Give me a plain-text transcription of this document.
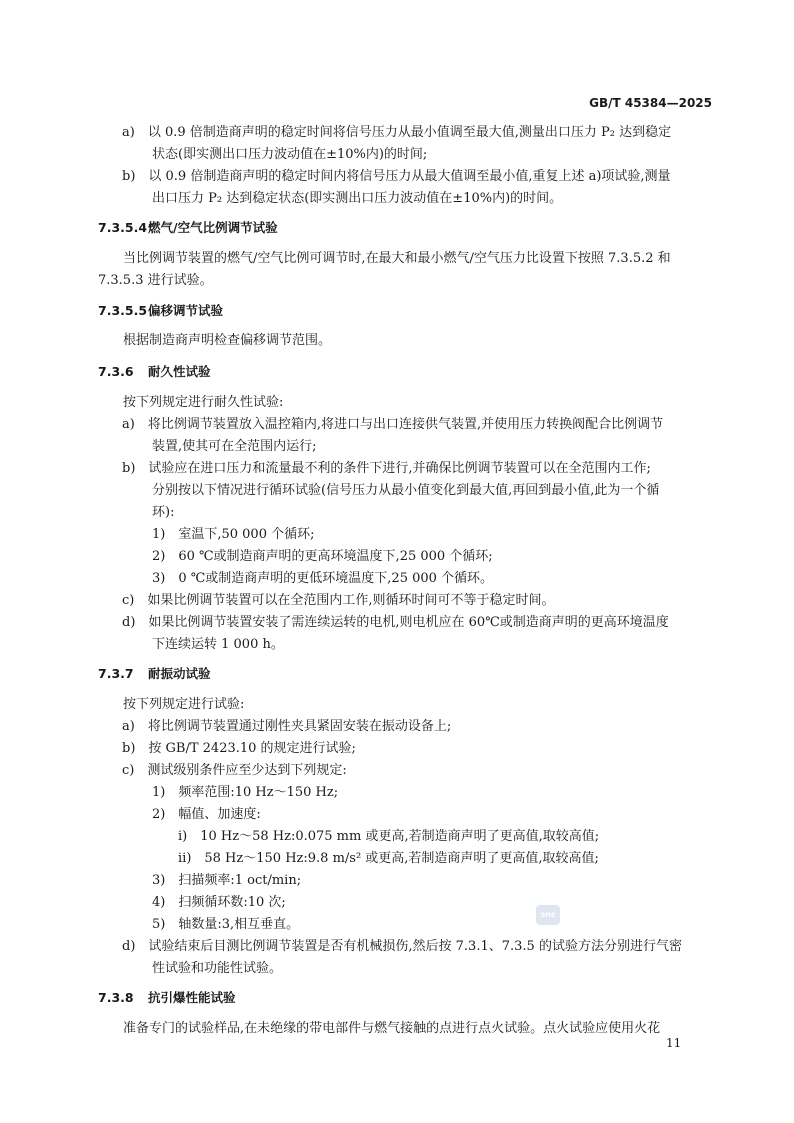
GB/T 45384—2025
a) 以 0.9 倍制造商声明的稳定时间将信号压力从最小值调至最大值,测量出口压力 P₂ 达到稳定
状态(即实测出口压力波动值在±10%内)的时间;
b) 以 0.9 倍制造商声明的稳定时间内将信号压力从最大值调至最小值,重复上述 a)项试验,测量
出口压力 P₂ 达到稳定状态(即实测出口压力波动值在±10%内)的时间。
当比例调节装置的燃气/空气比例可调节时,在最大和最小燃气/空气压力比设置下按照 7.3.5.2 和
7.3.5.3 进行试验。
根据制造商声明检查偏移调节范围。
按下列规定进行耐久性试验:
a) 将比例调节装置放入温控箱内,将进口与出口连接供气装置,并使用压力转换阀配合比例调节
装置,使其可在全范围内运行;
b) 试验应在进口压力和流量最不利的条件下进行,并确保比例调节装置可以在全范围内工作;
分别按以下情况进行循环试验(信号压力从最小值变化到最大值,再回到最小值,此为一个循
环):
1) 室温下,50 000 个循环;
2) 60 ℃或制造商声明的更高环境温度下,25 000 个循环;
3) 0 ℃或制造商声明的更低环境温度下,25 000 个循环。
c) 如果比例调节装置可以在全范围内工作,则循环时间可不等于稳定时间。
d) 如果比例调节装置安装了需连续运转的电机,则电机应在 60℃或制造商声明的更高环境温度
下连续运转 1 000 h。
按下列规定进行试验:
a) 将比例调节装置通过刚性夹具紧固安装在振动设备上;
b) 按 GB/T 2423.10 的规定进行试验;
c) 测试级别条件应至少达到下列规定:
1) 频率范围:10 Hz～150 Hz;
2) 幅值、加速度:
ⅰ) 10 Hz～58 Hz:0.075 mm 或更高,若制造商声明了更高值,取较高值;
ⅱ) 58 Hz～150 Hz:9.8 m/s² 或更高,若制造商声明了更高值,取较高值;
3) 扫描频率:1 oct/min;
4) 扫频循环数:10 次;
5) 轴数量:3,相互垂直。
d) 试验结束后目测比例调节装置是否有机械损伤,然后按 7.3.1、7.3.5 的试验方法分别进行气密
性试验和功能性试验。
准备专门的试验样品,在未绝缘的带电部件与燃气接触的点进行点火试验。点火试验应使用火花
7.3.5.4燃气/空气比例调节试验
7.3.5.5偏移调节试验
7.3.6 耐久性试验
7.3.7 耐振动试验
7.3.8 抗引爆性能试验
11
snc
